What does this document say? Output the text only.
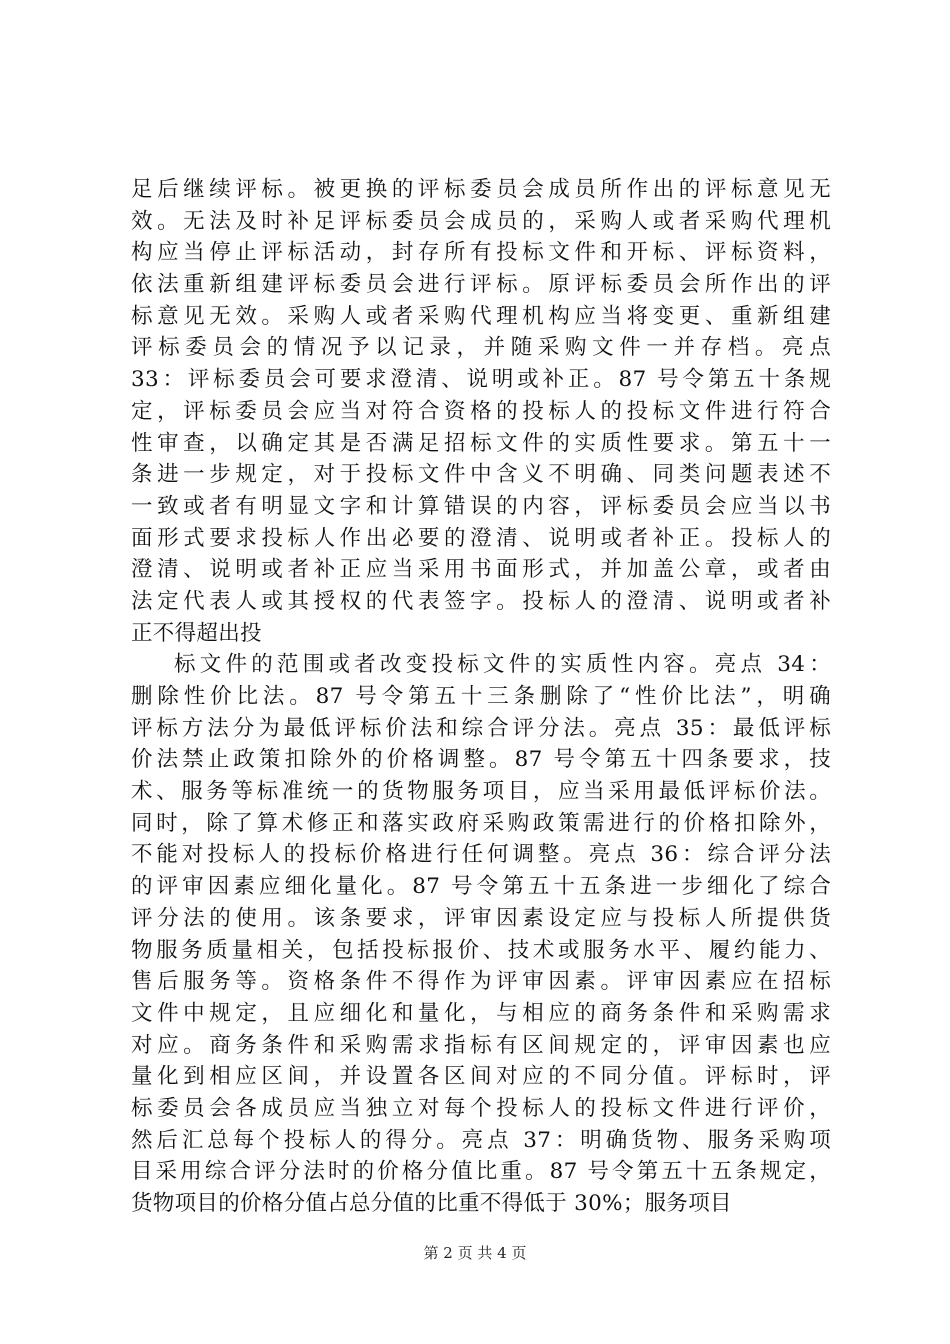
足后继续评标。被更换的评标委员会成员所作出的评标意见无
效。无法及时补足评标委员会成员的，采购人或者采购代理机
构应当停止评标活动，封存所有投标文件和开标、评标资料，
依法重新组建评标委员会进行评标。原评标委员会所作出的评
标意见无效。采购人或者采购代理机构应当将变更、重新组建
评标委员会的情况予以记录，并随采购文件一并存档。亮点
33：评标委员会可要求澄清、说明或补正。87 号令第五十条规
定，评标委员会应当对符合资格的投标人的投标文件进行符合
性审查，以确定其是否满足招标文件的实质性要求。第五十一
条进一步规定，对于投标文件中含义不明确、同类问题表述不
一致或者有明显文字和计算错误的内容，评标委员会应当以书
面形式要求投标人作出必要的澄清、说明或者补正。投标人的
澄清、说明或者补正应当采用书面形式，并加盖公章，或者由
法定代表人或其授权的代表签字。投标人的澄清、说明或者补
正不得超出投
标文件的范围或者改变投标文件的实质性内容。亮点 34：
删除性价比法。87 号令第五十三条删除了“性价比法”，明确
评标方法分为最低评标价法和综合评分法。亮点 35：最低评标
价法禁止政策扣除外的价格调整。87 号令第五十四条要求，技
术、服务等标准统一的货物服务项目，应当采用最低评标价法。
同时，除了算术修正和落实政府采购政策需进行的价格扣除外，
不能对投标人的投标价格进行任何调整。亮点 36：综合评分法
的评审因素应细化量化。87 号令第五十五条进一步细化了综合
评分法的使用。该条要求，评审因素设定应与投标人所提供货
物服务质量相关，包括投标报价、技术或服务水平、履约能力、
售后服务等。资格条件不得作为评审因素。评审因素应在招标
文件中规定，且应细化和量化，与相应的商务条件和采购需求
对应。商务条件和采购需求指标有区间规定的，评审因素也应
量化到相应区间，并设置各区间对应的不同分值。评标时，评
标委员会各成员应当独立对每个投标人的投标文件进行评价，
然后汇总每个投标人的得分。亮点 37：明确货物、服务采购项
目采用综合评分法时的价格分值比重。87 号令第五十五条规定，
货物项目的价格分值占总分值的比重不得低于 30%；服务项目
第 2 页 共 4 页
